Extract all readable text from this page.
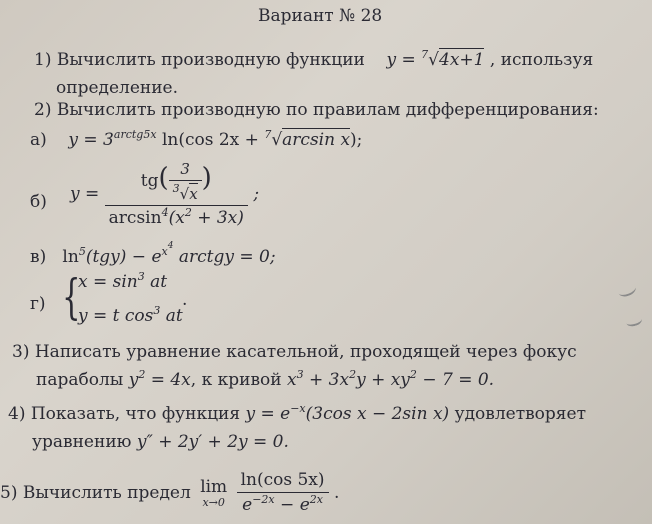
Вариант № 28
1) Вычислить производную функции y = $^7$√4x+1 , используя
определение.
2) Вычислить производную по правилам дифференцирования:
а) $y = 3^{arctg5x}$ ln(cos 2x + $^7$√arcsin x);
б) $y = \frac{tg( \frac{3}{^3√x} )}{\arcsin^4(x^2 + 3x)}$ ;
в) $\ln^5(tgy) - e^{x^4}$ arctgy = 0;
г) {
$x = \sin^3$ at
y = t $\cos^3$ at
.
3) Написать уравнение касательной, проходящей через фокус
параболы $y^2 = 4x$, к кривой $x^3 + 3x^2y + xy^2 - 7 = 0$.
4) Показать, что функция $y = e^{-x}(3\cos$ x − 2sin x) удовлетворяет
уравнению y″ + 2y′ + 2y = 0.
5) Вычислить предел lim
x→0
$\frac{\ln(\cos 5x)}{e^{-2x} - e^{2x}}$ .
